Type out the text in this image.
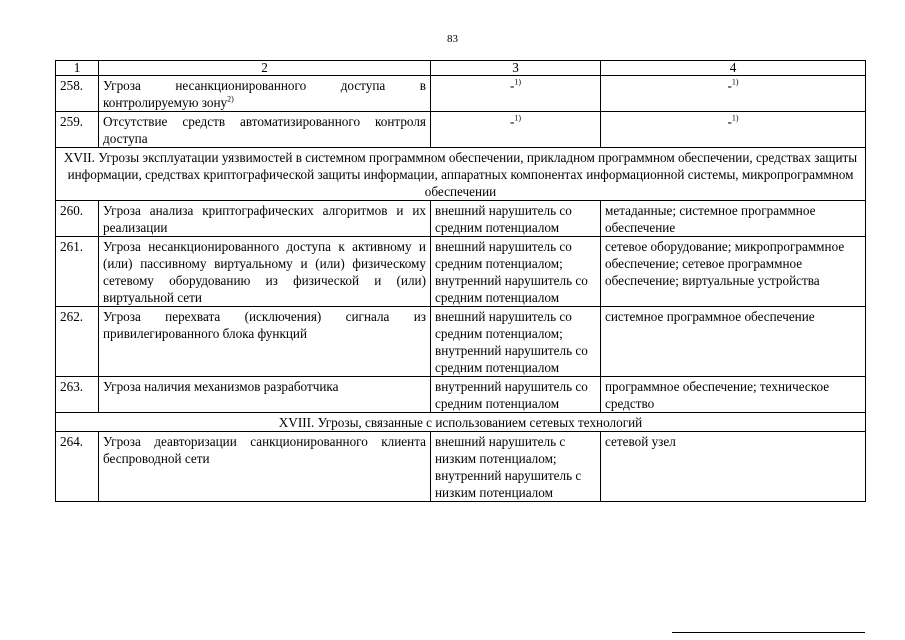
83
1	2	3	4
258.	Угроза несанкционированного доступа в контролируемую зону$^{2)}$	-$^{1)}$	-$^{1)}$
259.	Отсутствие средств автоматизированного контроля доступа	-$^{1)}$	-$^{1)}$
XVII. Угрозы эксплуатации уязвимостей в системном программном обеспечении, прикладном программном обеспечении, средствах защиты информации, средствах криптографической защиты информации, аппаратных компонентах информационной системы, микропрограммном обеспечении			
260.	Угроза анализа криптографических алгоритмов и их реализации	внешний нарушитель со средним потенциалом	метаданные; системное программное обеспечение
261.	Угроза несанкционированного доступа к активному и (или) пассивному виртуальному и (или) физическому сетевому оборудованию из физической и (или) виртуальной сети	внешний нарушитель со средним потенциалом; внутренний нарушитель со средним потенциалом	сетевое оборудование; микропрограммное обеспечение; сетевое программное обеспечение; виртуальные устройства
262.	Угроза перехвата (исключения) сигнала из привилегированного блока функций	внешний нарушитель со средним потенциалом; внутренний нарушитель со средним потенциалом	системное программное обеспечение
263.	Угроза наличия механизмов разработчика	внутренний нарушитель со средним потенциалом	программное обеспечение; техническое средство
XVIII. Угрозы, связанные с использованием сетевых технологий			
264.	Угроза деавторизации санкционированного клиента беспроводной сети	внешний нарушитель с низким потенциалом; внутренний нарушитель с низким потенциалом	сетевой узел
